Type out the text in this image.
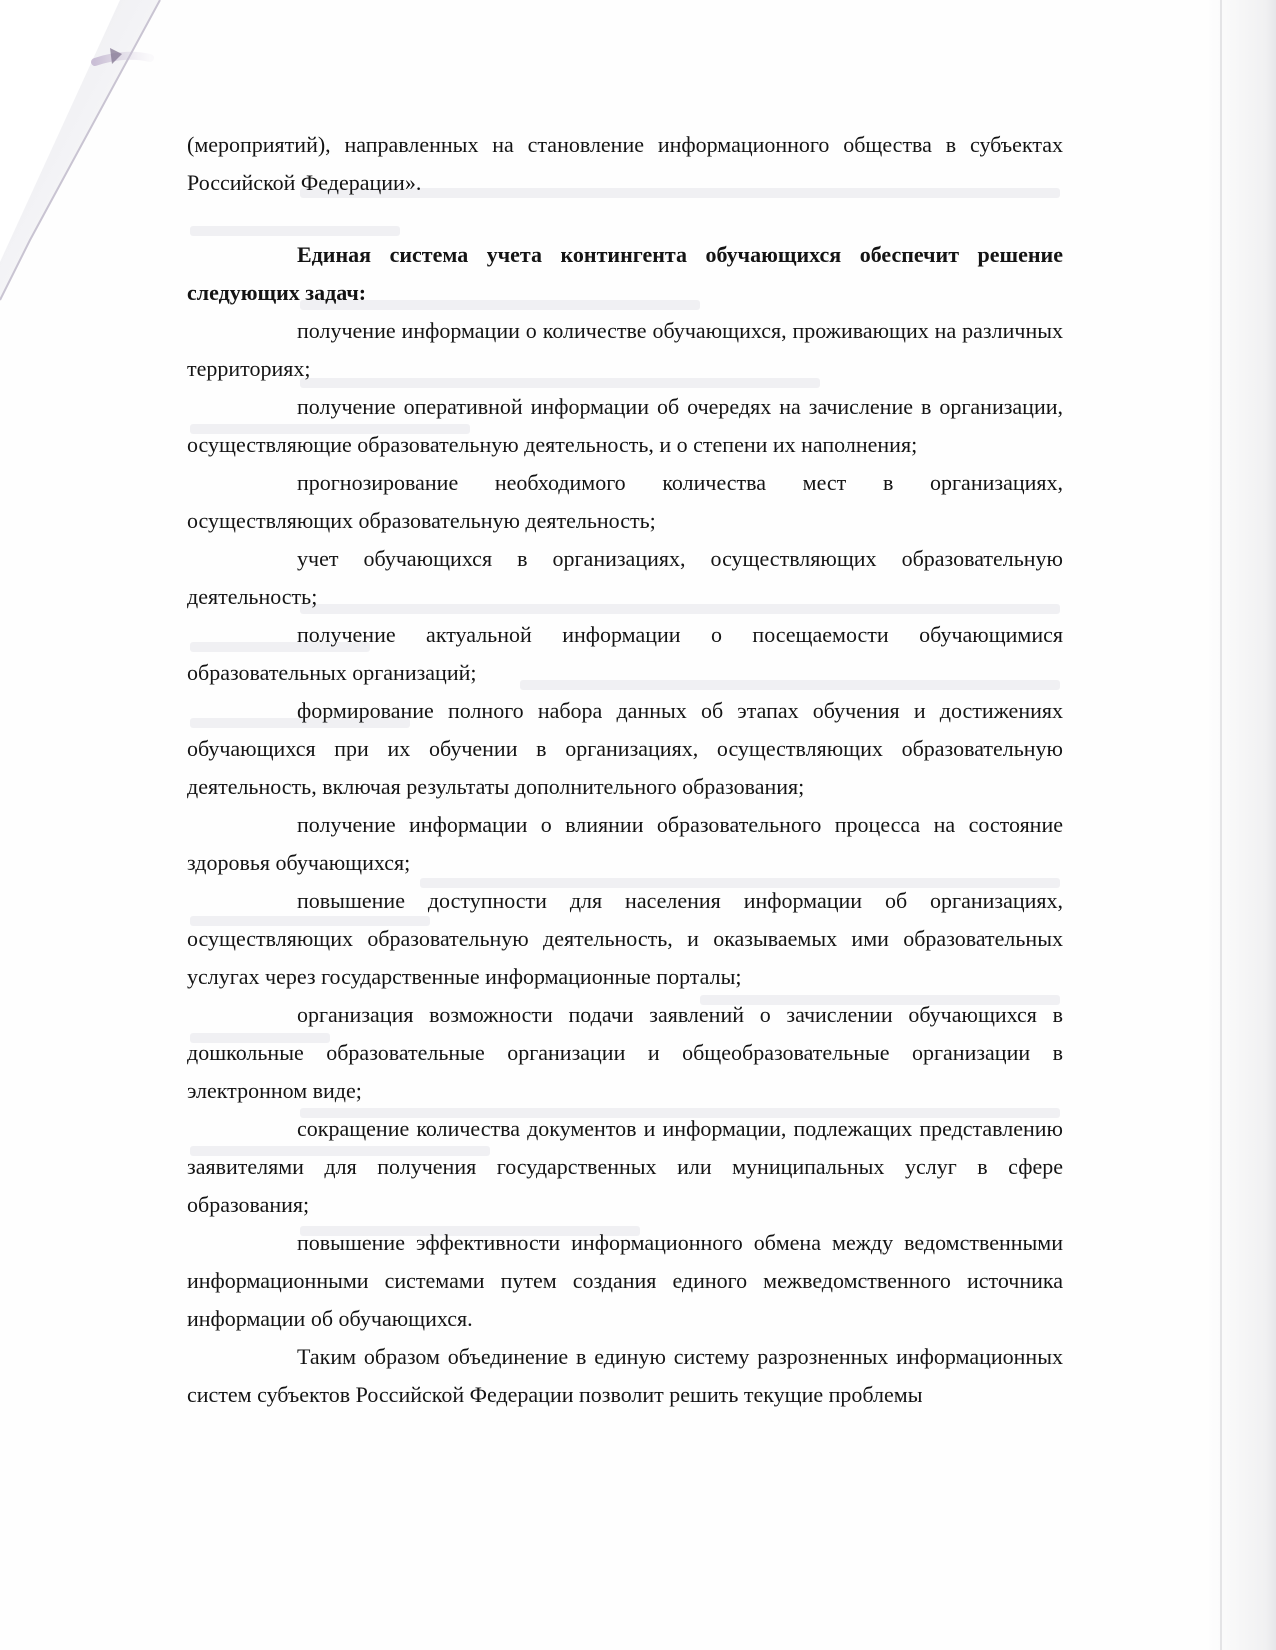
(мероприятий), направленных на становление информационного общества в субъектах Российской Федерации».

Единая система учета контингента обучающихся обеспечит решение следующих задач:

получение информации о количестве обучающихся, проживающих на различных территориях;

получение оперативной информации об очередях на зачисление в организации, осуществляющие образовательную деятельность, и о степени их наполнения;

прогнозирование необходимого количества мест в организациях, осуществляющих образовательную деятельность;

учет обучающихся в организациях, осуществляющих образовательную деятельность;

получение актуальной информации о посещаемости обучающимися образовательных организаций;

формирование полного набора данных об этапах обучения и достижениях обучающихся при их обучении в организациях, осуществляющих образовательную деятельность, включая результаты дополнительного образования;

получение информации о влиянии образовательного процесса на состояние здоровья обучающихся;

повышение доступности для населения информации об организациях, осуществляющих образовательную деятельность, и оказываемых ими образовательных услугах через государственные информационные порталы;

организация возможности подачи заявлений о зачислении обучающихся в дошкольные образовательные организации и общеобразовательные организации в электронном виде;

сокращение количества документов и информации, подлежащих представлению заявителями для получения государственных или муниципальных услуг в сфере образования;

повышение эффективности информационного обмена между ведомственными информационными системами путем создания единого межведомственного источника информации об обучающихся.

Таким образом объединение в единую систему разрозненных информационных систем субъектов Российской Федерации позволит решить текущие проблемы
